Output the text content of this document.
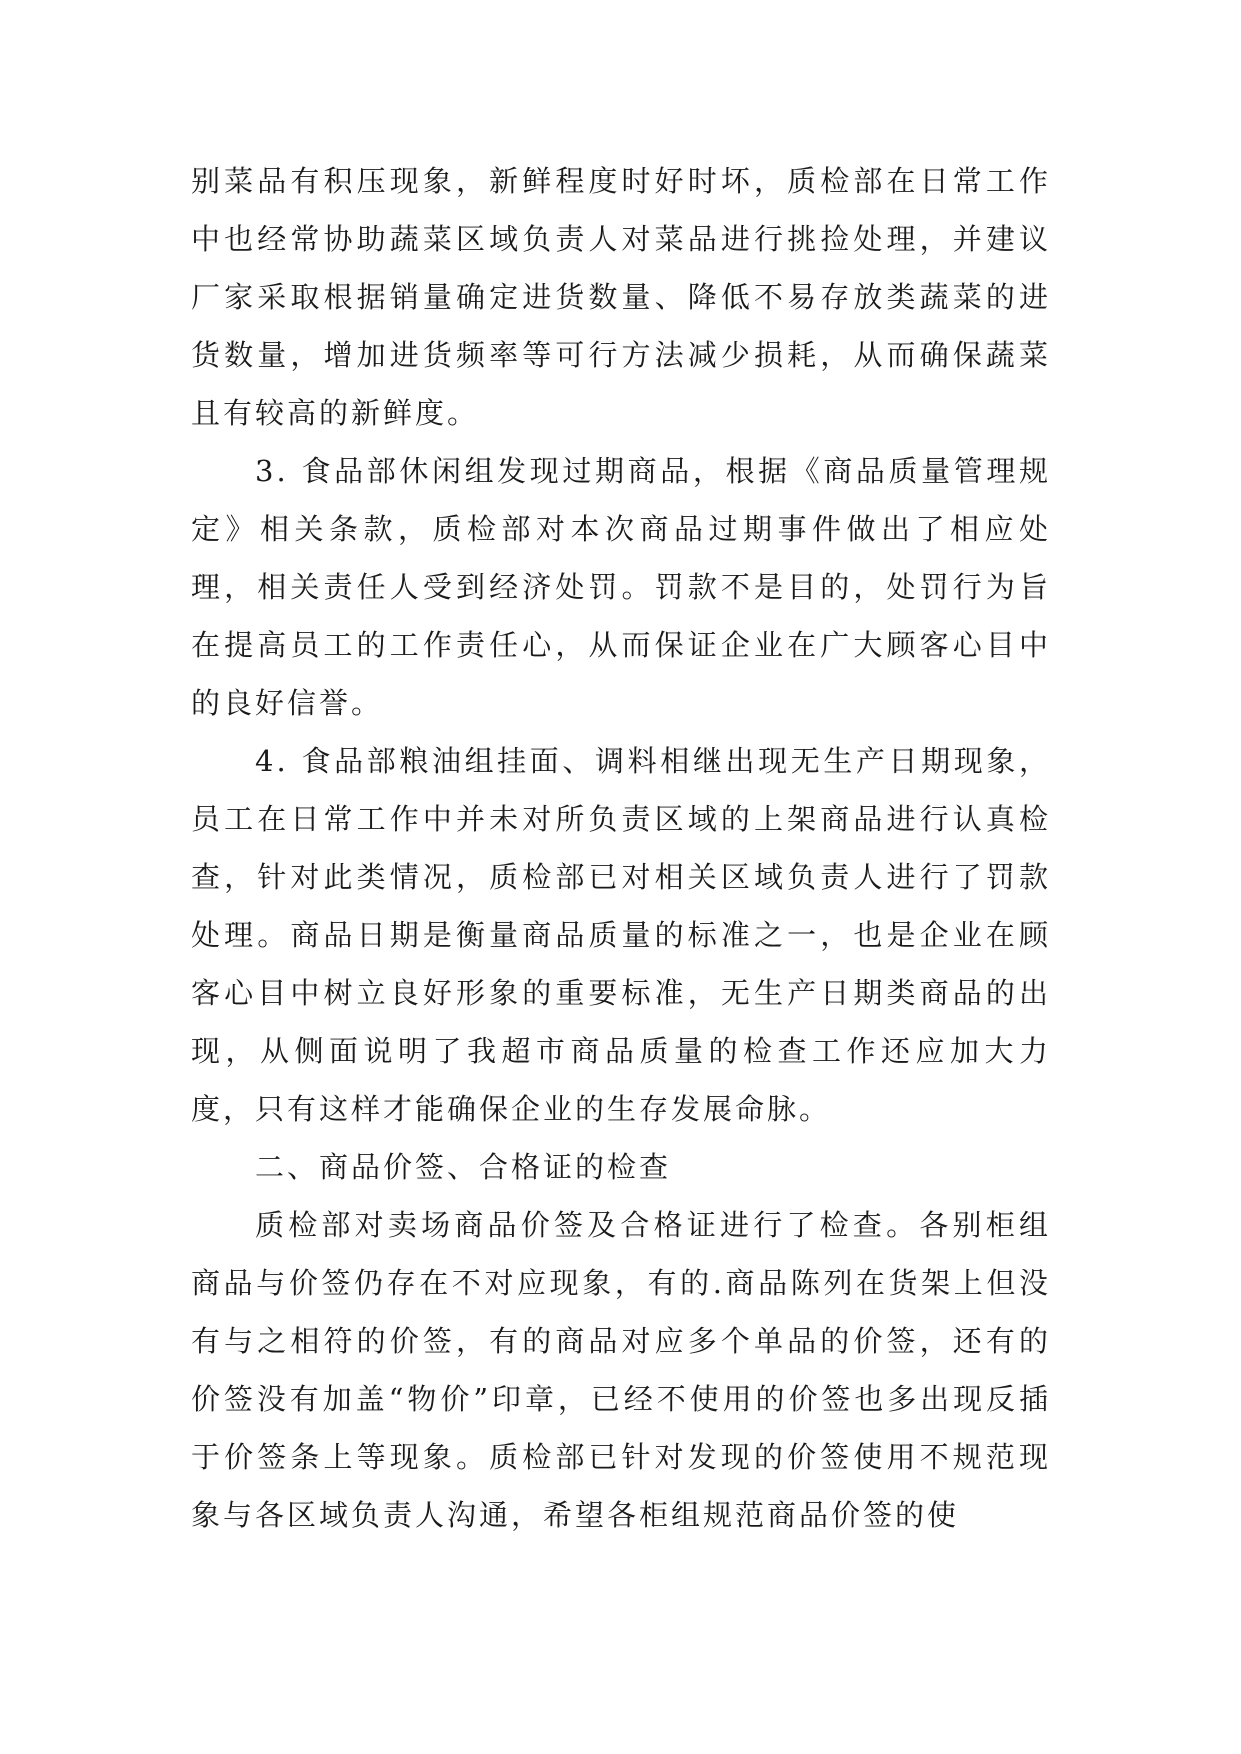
别菜品有积压现象，新鲜程度时好时坏，质检部在日常工作中也经常协助蔬菜区域负责人对菜品进行挑捡处理，并建议厂家采取根据销量确定进货数量、降低不易存放类蔬菜的进货数量，增加进货频率等可行方法减少损耗，从而确保蔬菜且有较高的新鲜度。

3. 食品部休闲组发现过期商品，根据《商品质量管理规定》相关条款，质检部对本次商品过期事件做出了相应处理，相关责任人受到经济处罚。罚款不是目的，处罚行为旨在提高员工的工作责任心，从而保证企业在广大顾客心目中的良好信誉。

4. 食品部粮油组挂面、调料相继出现无生产日期现象，员工在日常工作中并未对所负责区域的上架商品进行认真检查，针对此类情况，质检部已对相关区域负责人进行了罚款处理。商品日期是衡量商品质量的标准之一，也是企业在顾客心目中树立良好形象的重要标准，无生产日期类商品的出现，从侧面说明了我超市商品质量的检查工作还应加大力度，只有这样才能确保企业的生存发展命脉。

二、商品价签、合格证的检查

质检部对卖场商品价签及合格证进行了检查。各别柜组商品与价签仍存在不对应现象，有的.商品陈列在货架上但没有与之相符的价签，有的商品对应多个单品的价签，还有的价签没有加盖“物价”印章，已经不使用的价签也多出现反插于价签条上等现象。质检部已针对发现的价签使用不规范现象与各区域负责人沟通，希望各柜组规范商品价签的使
